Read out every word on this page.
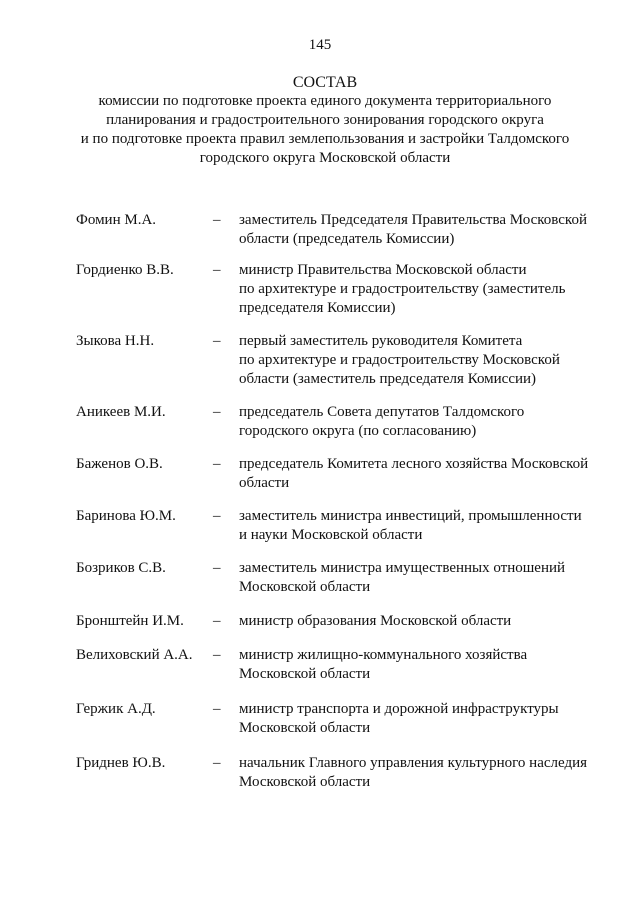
145
СОСТАВ
комиссии по подготовке проекта единого документа территориального
планирования и градостроительного зонирования городского округа
и по подготовке проекта правил землепользования и застройки Талдомского
городского округа Московской области
Фомин М.А.	– заместитель Председателя Правительства Московской
области (председатель Комиссии)
Гордиенко В.В.	– министр Правительства Московской области
по архитектуре и градостроительству (заместитель
председателя Комиссии)
Зыкова Н.Н.	– первый заместитель руководителя Комитета
по архитектуре и градостроительству Московской
области (заместитель председателя Комиссии)
Аникеев М.И.	– председатель Совета депутатов Талдомского
городского округа (по согласованию)
Баженов О.В.	– председатель Комитета лесного хозяйства Московской
области
Баринова Ю.М. – заместитель министра инвестиций, промышленности
и науки Московской области
Бозриков С.В.	– заместитель министра имущественных отношений
Московской области
Бронштейн И.М. – министр образования Московской области
Велиховский А.А. – министр жилищно-коммунального хозяйства
Московской области
Гержик А.Д.	– министр транспорта и дорожной инфраструктуры
Московской области
Гриднев Ю.В.	– начальник Главного управления культурного наследия
Московской области
